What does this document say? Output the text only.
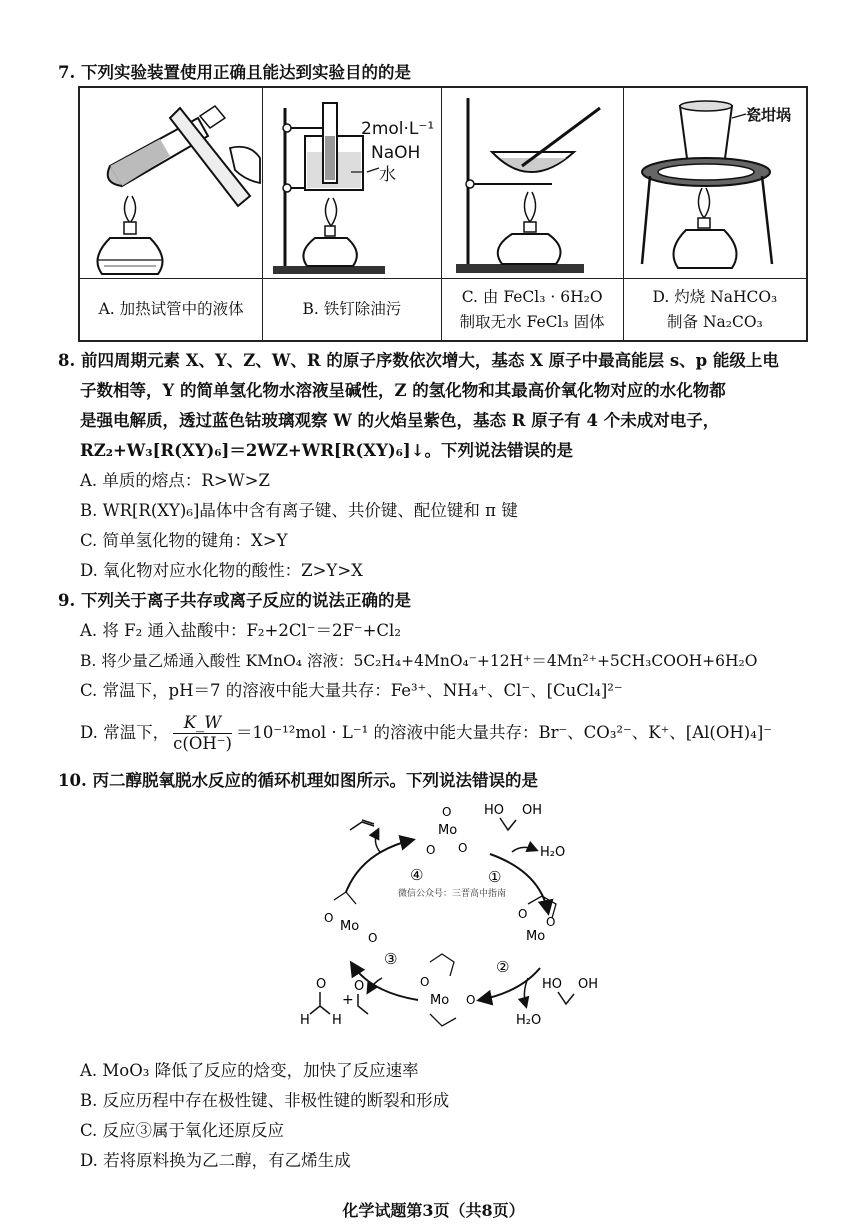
7. 下列实验装置使用正确且能达到实验目的的是
A. 加热试管中的液体
2mol·L⁻¹
NaOH
水
B. 铁钉除油污
C. 由 FeCl₃ · 6H₂O
制取无水 FeCl₃ 固体
瓷坩埚
D. 灼烧 NaHCO₃
制备 Na₂CO₃
8. 前四周期元素 X、Y、Z、W、R 的原子序数依次增大，基态 X 原子中最高能层 s、p 能级上电
子数相等，Y 的简单氢化物水溶液呈碱性，Z 的氢化物和其最高价氧化物对应的水化物都
是强电解质，透过蓝色钴玻璃观察 W 的火焰呈紫色，基态 R 原子有 4 个未成对电子，
RZ₂+W₃[R(XY)₆]＝2WZ+WR[R(XY)₆]↓。下列说法错误的是
A. 单质的熔点：R>W>Z
B. WR[R(XY)₆]晶体中含有离子键、共价键、配位键和 π 键
C. 简单氢化物的键角：X>Y
D. 氧化物对应水化物的酸性：Z>Y>X
9. 下列关于离子共存或离子反应的说法正确的是
A. 将 F₂ 通入盐酸中：F₂+2Cl⁻＝2F⁻+Cl₂
B. 将少量乙烯通入酸性 KMnO₄ 溶液：5C₂H₄+4MnO₄⁻+12H⁺＝4Mn²⁺+5CH₃COOH+6H₂O
C. 常温下，pH＝7 的溶液中能大量共存：Fe³⁺、NH₄⁺、Cl⁻、[CuCl₄]²⁻
D. 常温下， $\frac{K\_W}{c(OH^-)} =10^{-12}mol \cdot L^{-1}$ 的溶液中能大量共存：Br⁻、CO₃²⁻、K⁺、[Al(OH)₄]⁻
10. 丙二醇脱氧脱水反应的循环机理如图所示。下列说法错误的是
Mo
O
O O
HO OH
H₂O
④	①
②
③
微信公众号：三晋高中指南
Mo
O
O
O
Mo
O
Mo
O
O
HO OH
H₂O
O
H H
+
O
A. MoO₃ 降低了反应的焓变，加快了反应速率
B. 反应历程中存在极性键、非极性键的断裂和形成
C. 反应③属于氧化还原反应
D. 若将原料换为乙二醇，有乙烯生成
化学试题第3页（共8页）
